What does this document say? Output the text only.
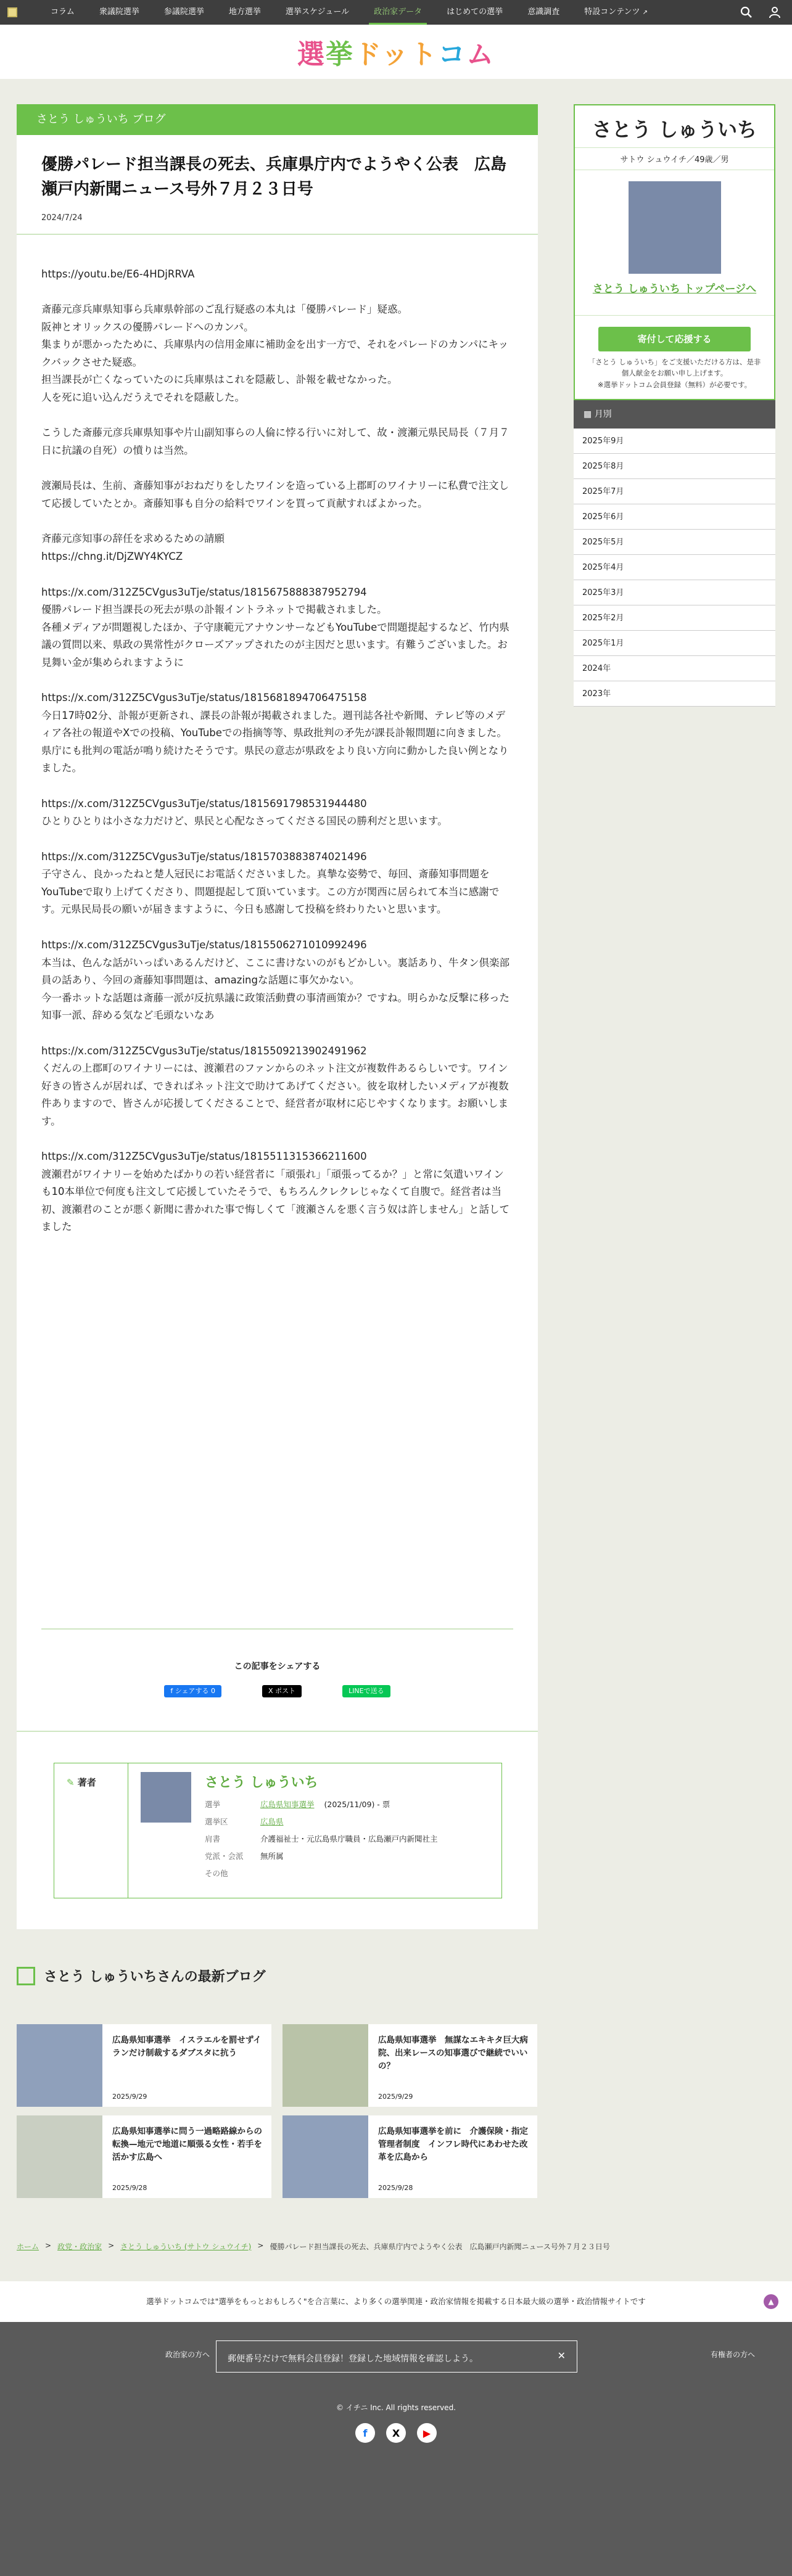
コラム	衆議院選挙	参議院選挙	地方選挙	選挙スケジュール	政治家データ	はじめての選挙	意識調査	特設コンテンツ ↗
選 挙 ドット コ ム
さとう しゅういち ブログ
優勝パレード担当課長の死去、兵庫県庁内でようやく公表　広島瀬戸内新聞ニュース号外７月２３日号
2024/7/24

https://youtu.be/E6-4HDjRRVA

斎藤元彦兵庫県知事ら兵庫県幹部のご乱行疑惑の本丸は「優勝パレード」疑惑。
阪神とオリックスの優勝パレードへのカンパ。
集まりが悪かったために、兵庫県内の信用金庫に補助金を出す一方で、それをパレードのカンパにキックバックさせた疑惑。
担当課長が亡くなっていたのに兵庫県はこれを隠蔽し、訃報を載せなかった。
人を死に追い込んだうえでそれを隠蔽した。

こうした斎藤元彦兵庫県知事や片山副知事らの人倫に悖る行いに対して、故・渡瀬元県民局長（７月７日に抗議の自死）の憤りは当然。

渡瀬局長は、生前、斎藤知事がおねだりをしたワインを造っている上郡町のワイナリーに私費で注文して応援していたとか。斎藤知事も自分の給料でワインを買って貢献すればよかった。

斉藤元彦知事の辞任を求めるための請願
https://chng.it/DjZWY4KYCZ

https://x.com/312Z5CVgus3uTje/status/1815675888387952794
優勝パレード担当課長の死去が県の訃報イントラネットで掲載されました。
各種メディアが問題視したほか、子守康範元アナウンサーなどもYouTubeで問題提起するなど、竹内県議の質問以来、県政の異常性がクローズアップされたのが主因だと思います。有難うございました。お見舞い金が集められますように

https://x.com/312Z5CVgus3uTje/status/1815681894706475158
今日17時02分、訃報が更新され、課長の訃報が掲載されました。週刊誌各社や新聞、テレビ等のメディア各社の報道やXでの投稿、YouTubeでの指摘等等、県政批判の矛先が課長訃報問題に向きました。県庁にも批判の電話が鳴り続けたそうです。県民の意志が県政をより良い方向に動かした良い例となりました。

https://x.com/312Z5CVgus3uTje/status/1815691798531944480
ひとりひとりは小さな力だけど、県民と心配なさってくださる国民の勝利だと思います。

https://x.com/312Z5CVgus3uTje/status/1815703883874021496
子守さん、良かったねと楚人冠民にお電話くださいました。真摯な姿勢で、毎回、斎藤知事問題をYouTubeで取り上げてくださり、問題提起して頂いています。この方が関西に居られて本当に感謝です。元県民局長の願いが届きますように、今日も感謝して投稿を終わりたいと思います。

https://x.com/312Z5CVgus3uTje/status/1815506271010992496
本当は、色んな話がいっぱいあるんだけど、ここに書けないのがもどかしい。裏話あり、牛タン倶楽部員の話あり、今回の斎藤知事問題は、amazingな話題に事欠かない。
今一番ホットな話題は斎藤一派が反抗県議に政策活動費の事清画策か？ですね。明らかな反撃に移った知事一派、辞める気など毛頭ないなあ

https://x.com/312Z5CVgus3uTje/status/1815509213902491962
くだんの上郡町のワイナリーには、渡瀬君のファンからのネット注文が複数件あるらしいです。ワイン好きの皆さんが居れば、できればネット注文で助けてあげてください。彼を取材したいメディアが複数件ありますので、皆さんが応援してくださることで、経営者が取材に応じやすくなります。お願いします。

https://x.com/312Z5CVgus3uTje/status/1815511315366211600
渡瀬君がワイナリーを始めたばかりの若い経営者に「頑張れ」「頑張ってるか？」と常に気遣いワインも10本単位で何度も注文して応援していたそうで、もちろんクレクレじゃなくて自腹で。経営者は当初、渡瀬君のことが悪く新聞に書かれた事で悔しくて「渡瀬さんを悪く言う奴は許しません」と話してました

この記事をシェアする
f シェアする 0	X ポスト	LINEで送る
✎ 著者	さとう しゅういち
選挙	広島県知事選挙 (2025/11/09) - 票
選挙区	広島県
肩書	介護福祉士・元広島県庁職員・広島瀬戸内新聞社主
党派・会派	無所属
その他
さとう しゅういち
サトウ シュウイチ／49歳／男
さとう しゅういち トップページへ
寄付して応援する
「さとう しゅういち」をご支援いただける方は、是非個人献金をお願い申し上げます。
※選挙ドットコム会員登録（無料）が必要です。
▦ 月別
2025年9月
2025年8月
2025年7月
2025年6月
2025年5月
2025年4月
2025年3月
2025年2月
2025年1月
2024年
2023年
さとう しゅういちさんの最新ブログ
広島県知事選挙　イスラエルを罰せずイランだけ制裁するダブスタに抗う
2025/9/29
広島県知事選挙　無謀なエキキタ巨大病院、出来レースの知事選びで継続でいいの？
2025/9/29
広島県知事選挙に問う一過略路線からの転換—地元で地道に順張る女性・若手を活かす広島へ
2025/9/28
広島県知事選挙を前に　介護保険・指定管理者制度　インフレ時代にあわせた改革を広島から
2025/9/28
ホーム > 政党・政治家 > さとう しゅういち (サトウ シュウイチ) > 優勝パレード担当課長の死去、兵庫県庁内でようやく公表　広島瀬戸内新聞ニュース号外７月２３日号
選挙ドットコムでは"選挙をもっとおもしろく"を合言葉に、より多くの選挙関連・政治家情報を掲載する日本最大級の選挙・政治情報サイトです	▲
政治家の方へ	有権者の方へ
郵便番号だけで無料会員登録！登録した地域情報を確認しよう。	✕
© イチニ Inc. All rights reserved.
f	X	▶
